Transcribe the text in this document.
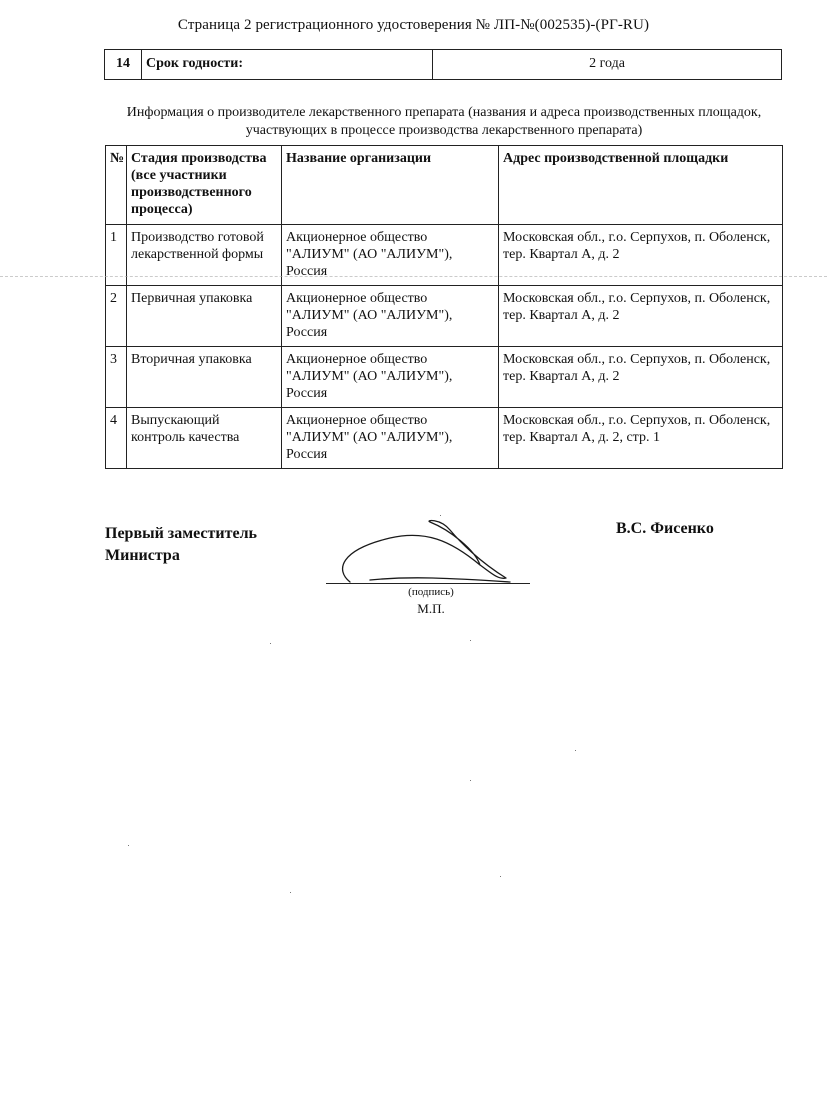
Страница 2 регистрационного удостоверения № ЛП-№(002535)-(РГ-RU)
14	Срок годности:	2 года
Информация о производителе лекарственного препарата (названия и адреса производственных площадок, участвующих в процессе производства лекарственного препарата)
№	Стадия производства (все участники производственного процесса)	Название организации	Адрес производственной площадки
1	Производство готовой лекарственной формы	Акционерное общество "АЛИУМ" (АО "АЛИУМ"), Россия	Московская обл., г.о. Серпухов, п. Оболенск, тер. Квартал А, д. 2
2	Первичная упаковка	Акционерное общество "АЛИУМ" (АО "АЛИУМ"), Россия	Московская обл., г.о. Серпухов, п. Оболенск, тер. Квартал А, д. 2
3	Вторичная упаковка	Акционерное общество "АЛИУМ" (АО "АЛИУМ"), Россия	Московская обл., г.о. Серпухов, п. Оболенск, тер. Квартал А, д. 2
4	Выпускающий контроль качества	Акционерное общество "АЛИУМ" (АО "АЛИУМ"), Россия	Московская обл., г.о. Серпухов, п. Оболенск, тер. Квартал А, д. 2, стр. 1
Первый заместитель Министра
В.С. Фисенко
(подпись)
М.П.
